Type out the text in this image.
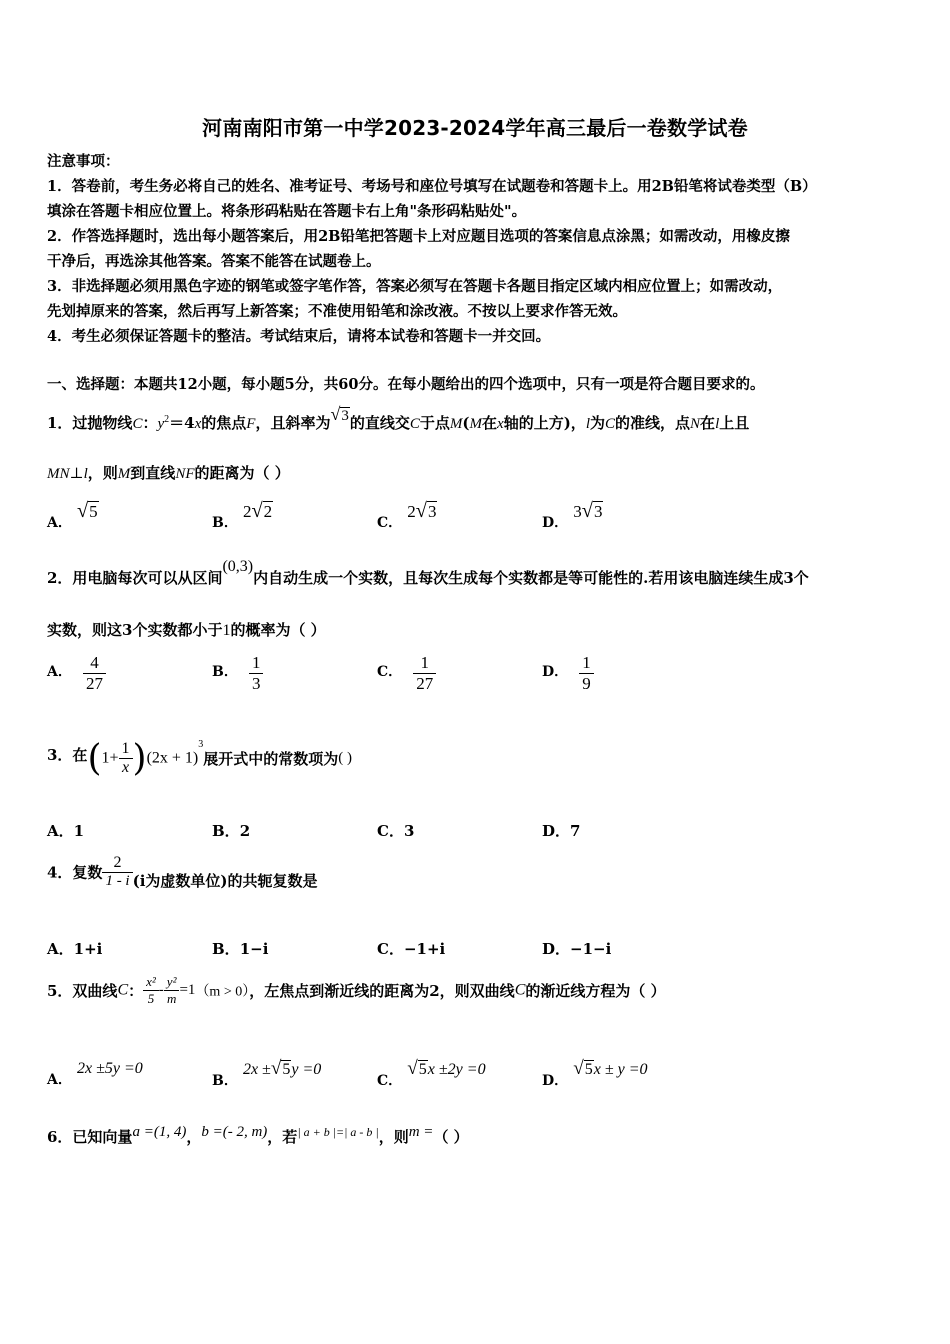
河南南阳市第一中学2023-2024学年高三最后一卷数学试卷
注意事项：
1．答卷前，考生务必将自己的姓名、准考证号、考场号和座位号填写在试题卷和答题卡上。用2B铅笔将试卷类型（B）
填涂在答题卡相应位置上。将条形码粘贴在答题卡右上角"条形码粘贴处"。
2．作答选择题时，选出每小题答案后，用2B铅笔把答题卡上对应题目选项的答案信息点涂黑；如需改动，用橡皮擦
干净后，再选涂其他答案。答案不能答在试题卷上。
3．非选择题必须用黑色字迹的钢笔或签字笔作答，答案必须写在答题卡各题目指定区域内相应位置上；如需改动，
先划掉原来的答案，然后再写上新答案；不准使用铅笔和涂改液。不按以上要求作答无效。
4．考生必须保证答题卡的整洁。考试结束后，请将本试卷和答题卡一并交回。
一、选择题：本题共12小题，每小题5分，共60分。在每小题给出的四个选项中，只有一项是符合题目要求的。
1．过抛物线C：$y^2=4x$的焦点F，且斜率为√3的直线交C于点M(M在x轴的上方)，l为C的准线，点N在l上且
MN⊥l，则M到直线NF的距离为（ ）
A． √5
B． 2√2
C． 2√3
D． 3√3
2．用电脑每次可以从区间(0,3)内自动生成一个实数，且每次生成每个实数都是等可能性的.若用该电脑连续生成3个
实数，则这3个实数都小于1的概率为（ ）
A． $\frac{4}{27}$	B． $\frac{1}{3}$	C． $\frac{1}{27}$	D． $\frac{1}{9}$
3．在$(1+ \frac{1}{x} )(2x + 1)^3$展开式中的常数项为( )
A．1	B．2	C．3	D．7
4．复数 $\frac{2}{1 - i} (i$为虚数单位)的共轭复数是
A．1+i	B．1−i	C．−1+i	D．−1−i
5．双曲线C： $\frac{\text{x²}}{5} - \frac{\text{y²}}{m} =1(m > 0)$，左焦点到渐近线的距离为2，则双曲线C的渐近线方程为（ ）
A． 2x ±5y =0
B． 2x ±√5y =0
C． √5x ±2y =0
D． √5x ± y =0
6．已知向量a =(1, 4)，b =(- 2, m)，若| a + b |=| a - b |，则m =（ ）
